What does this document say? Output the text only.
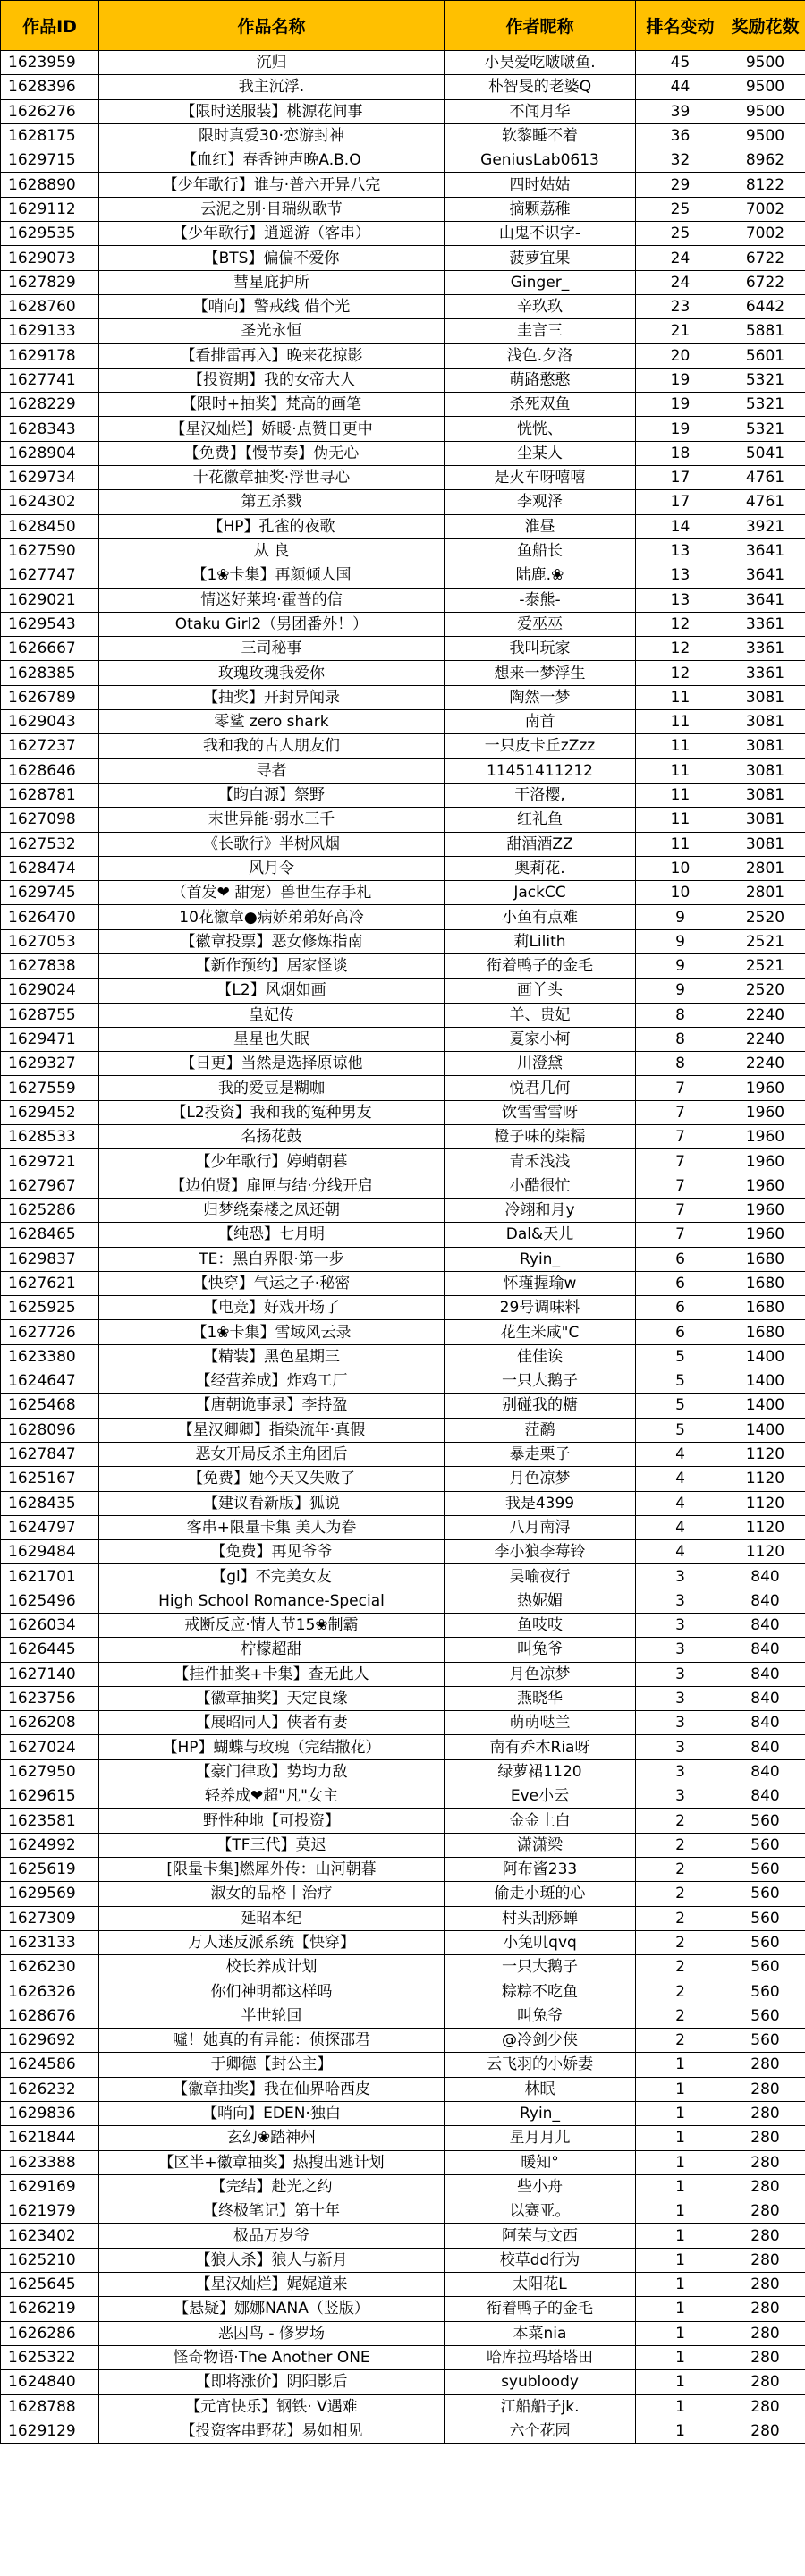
作品ID	作品名称	作者昵称	排名变动	奖励花数
1623959	沉归	小昊爱吃啵啵鱼.	45	9500
1628396	我主沉浮.	朴智旻的老婆Q	44	9500
1626276	【限时送服装】桃源花间事	不闻月华	39	9500
1628175	限时真爱30·恋游封神	软黎睡不着	36	9500
1629715	【血红】春香钟声晚A.B.O	GeniusLab0613	32	8962
1628890	【少年歌行】谁与·普六开异八完	四时姑姑	29	8122
1629112	云泥之别·目瑞纵歌节	摘颗荔稚	25	7002
1629535	【少年歌行】逍遥游（客串）	山鬼不识字-	25	7002
1629073	【BTS】偏偏不爱你	菠萝宜果	24	6722
1627829	彗星庇护所	Ginger_	24	6722
1628760	【哨向】警戒线 借个光	辛玖玖	23	6442
1629133	圣光永恒	圭言三	21	5881
1629178	【看排雷再入】晚来花掠影	浅色.夕洛	20	5601
1627741	【投资期】我的女帝大人	萌路憨憨	19	5321
1628229	【限时+抽奖】梵高的画笔	杀死双鱼	19	5321
1628343	【星汉灿烂】娇暖·点赞日更中	恍恍、	19	5321
1628904	【免费】【慢节奏】伪无心	尘某人	18	5041
1629734	十花徽章抽奖·浮世寻心	是火车呀嘻嘻	17	4761
1624302	第五杀戮	李观泽	17	4761
1628450	【HP】孔雀的夜歌	淮昼	14	3921
1627590	从 良	鱼船长	13	3641
1627747	【1❀卡集】再颜倾人国	陆鹿.❀	13	3641
1629021	情迷好莱坞·霍普的信	-泰熊-	13	3641
1629543	Otaku Girl2（男团番外！）	爱巫巫	12	3361
1626667	三司秘事	我叫玩家	12	3361
1628385	玫瑰玫瑰我爱你	想来一梦浮生	12	3361
1626789	【抽奖】开封异闻录	陶然一梦	11	3081
1629043	零鲨 zero shark	南首	11	3081
1627237	我和我的古人朋友们	一只皮卡丘zZzz	11	3081
1628646	寻者	11451411212	11	3081
1628781	【昀白源】祭野	干洛樱,	11	3081
1627098	末世异能·弱水三千	红礼鱼	11	3081
1627532	《长歌行》半树风烟	甜酒酒ZZ	11	3081
1628474	风月令	奥莉花.	10	2801
1629745	（首发❤ 甜宠）兽世生存手札	JackCC	10	2801
1626470	10花徽章●病娇弟弟好高冷	小鱼有点难	9	2520
1627053	【徽章投票】恶女修炼指南	莉Lilith	9	2521
1627838	【新作预约】居家怪谈	衔着鸭子的金毛	9	2521
1629024	【L2】风烟如画	画丫头	9	2520
1628755	皇妃传	羊、贵妃	8	2240
1629471	星星也失眠	夏家小柯	8	2240
1629327	【日更】当然是选择原谅他	川澄黛	8	2240
1627559	我的爱豆是糊咖	悦君几何	7	1960
1629452	【L2投资】我和我的冤种男友	饮雪雪雪呀	7	1960
1628533	名扬花鼓	橙子味的柒糯	7	1960
1629721	【少年歌行】婷蛸朝暮	青禾浅浅	7	1960
1627967	【边伯贤】扉匣与结·分线开启	小酷很忙	7	1960
1625286	归梦绕秦楼之凤还朝	冷翊和月y	7	1960
1628465	【纯恐】七月明	Dal&天儿	7	1960
1629837	TE：黑白界限·第一步	Ryin_	6	1680
1627621	【快穿】气运之子·秘密	怀瑾握瑜w	6	1680
1625925	【电竞】好戏开场了	29号调味料	6	1680
1627726	【1❀卡集】雪域风云录	花生米咸"C	6	1680
1623380	【精装】黑色星期三	佳佳诶	5	1400
1624647	【经营养成】炸鸡工厂	一只大鹅子	5	1400
1625468	【唐朝诡事录】李持盈	别碰我的糖	5	1400
1628096	【星汉卿卿】指染流年·真假	茳鹬	5	1400
1627847	恶女开局反杀主角团后	暴走栗子	4	1120
1625167	【免费】她今天又失败了	月色凉梦	4	1120
1628435	【建议看新版】狐说	我是4399	4	1120
1624797	客串+限量卡集 美人为眷	八月南浔	4	1120
1629484	【免费】再见爷爷	李小狼李莓铃	4	1120
1621701	【gl】不完美女友	昊喻夜行	3	840
1625496	High School Romance-Special	热妮媚	3	840
1626034	戒断反应·情人节15❀制霸	鱼吱吱	3	840
1626445	柠檬超甜	叫兔爷	3	840
1627140	【挂件抽奖+卡集】查无此人	月色凉梦	3	840
1623756	【徽章抽奖】天定良缘	燕晓华	3	840
1626208	【展昭同人】侠者有妻	萌萌哒兰	3	840
1627024	【HP】蝴蝶与玫瑰（完结撒花）	南有乔木Ria呀	3	840
1627950	【豪门律政】势均力敌	绿萝裙1120	3	840
1629615	轻养成❤超"凡"女主	Eve小云	3	840
1623581	野性种地【可投资】	金金土白	2	560
1624992	【TF三代】莫迟	潇潇梁	2	560
1625619	[限量卡集]燃犀外传：山河朝暮	阿布酱233	2	560
1629569	淑女的品格丨治疗	偷走小斑的心	2	560
1627309	延昭本纪	村头刮痧蝉	2	560
1623133	万人迷反派系统【快穿】	小兔叽qvq	2	560
1626230	校长养成计划	一只大鹅子	2	560
1626326	你们神明都这样吗	粽粽不吃鱼	2	560
1628676	半世轮回	叫兔爷	2	560
1629692	噓！她真的有异能：侦探邵君	@冷剑少侠	2	560
1624586	于卿德【封公主】	云飞羽的小娇妻	1	280
1626232	【徽章抽奖】我在仙界哈西皮	林眠	1	280
1629836	【哨向】EDEN·独白	Ryin_	1	280
1621844	玄幻❀踏神州	星月月儿	1	280
1623388	【区半+徽章抽奖】热搜出逃计划	暖知°	1	280
1629169	【完结】赴光之约	些小舟	1	280
1621979	【终极笔记】第十年	以赛亚。	1	280
1623402	极品万岁爷	阿荣与文西	1	280
1625210	【狼人杀】狼人与新月	校草dd行为	1	280
1625645	【星汉灿烂】娓娓道来	太阳花L	1	280
1626219	【悬疑】娜娜NANA（竖版）	衔着鸭子的金毛	1	280
1626286	恶囚鸟 - 修罗场	本菜nia	1	280
1625322	怪奇物语·The Another ONE	哈库拉玛塔塔田	1	280
1624840	【即将涨价】阴阳影后	syubloody	1	280
1628788	【元宵快乐】钢铁· V遇难	江船船子jk.	1	280
1629129	【投资客串野花】易如相见	六个花园	1	280
